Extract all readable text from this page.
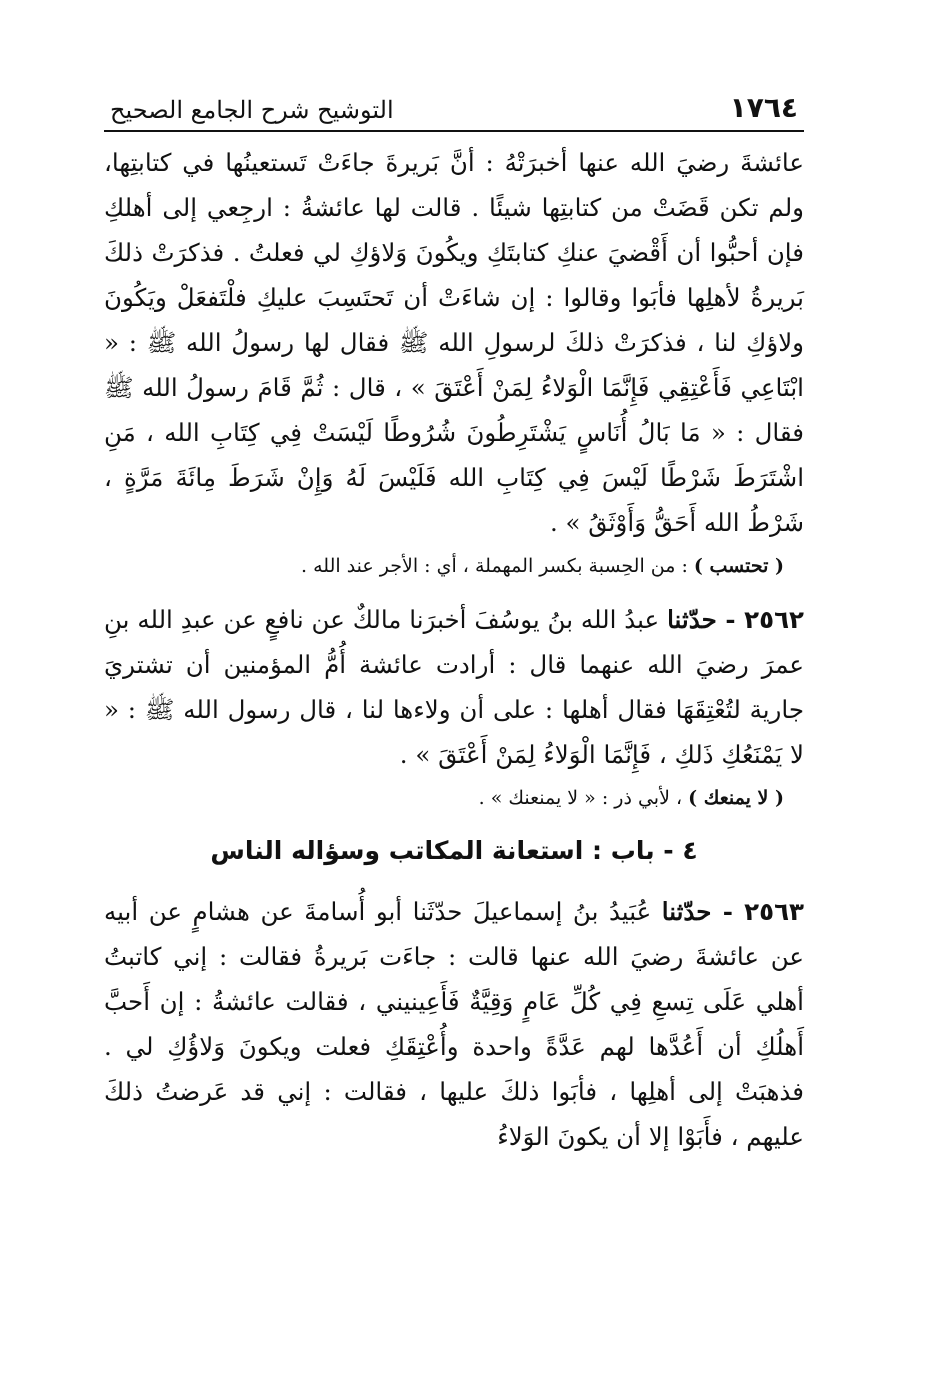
١٧٦٤
التوشيح شرح الجامع الصحيح

عائشةَ رضيَ الله عنها أخبرَتْهُ : أنَّ بَريرةَ جاءَتْ تَستعينُها في كتابتِها، ولم تكن قَضَتْ من كتابتِها شيئًا . قالت لها عائشةُ : ارجِعي إلى أهلكِ فإن أحبُّوا أن أَقْضيَ عنكِ كتابتَكِ ويكُونَ وَلاؤكِ لي فعلتُ . فذكرَتْ ذلكَ بَريرةُ لأهلِها فأبَوا وقالوا : إن شاءَتْ أن تَحتَسِبَ عليكِ فلْتَفعَلْ ويَكُونَ ولاؤكِ لنا ، فذكرَتْ ذلكَ لرسولِ الله ﷺ فقال لها رسولُ الله ﷺ : « ابْتَاعِي فَأَعْتِقِي فَإِنَّمَا الْوَلاءُ لِمَنْ أَعْتَقَ » ، قال : ثُمَّ قَامَ رسولُ الله ﷺ فقال : « مَا بَالُ أُنَاسٍ يَشْتَرِطُونَ شُرُوطًا لَيْسَتْ فِي كِتَابِ الله ، مَنِ اشْتَرَطَ شَرْطًا لَيْسَ فِي كِتَابِ الله فَلَيْسَ لَهُ وَإِنْ شَرَطَ مِائَةَ مَرَّةٍ ، شَرْطُ الله أَحَقُّ وَأَوْثَقُ » .

( تحتسب ) : من الحِسبة بكسر المهملة ، أي : الأجر عند الله .

٢٥٦٢ - حدّثنا عبدُ الله بنُ يوسُفَ أخبرَنا مالكٌ عن نافعٍ عن عبدِ الله بنِ عمرَ رضيَ الله عنهما قال : أرادت عائشة أُمُّ المؤمنين أن تشتريَ جارية لتُعْتِقَهَا فقال أهلها : على أن ولاءها لنا ، قال رسول الله ﷺ : « لا يَمْنَعُكِ ذَلكِ ، فَإِنَّمَا الْوَلاءُ لِمَنْ أَعْتَقَ » .

( لا يمنعك ) ، لأبي ذر : « لا يمنعنك » .

٤ - باب : استعانة المكاتب وسؤاله الناس

٢٥٦٣ - حدّثنا عُبَيدُ بنُ إسماعيلَ حدّثَنا أبو أُسامةَ عن هشامٍ عن أبيه عن عائشةَ رضيَ الله عنها قالت : جاءَت بَريرةُ فقالت : إني كاتبتُ أهلي عَلَى تِسعِ فِي كُلِّ عَامٍ وَقِيَّةٌ فَأَعِينيني ، فقالت عائشةُ : إن أَحبَّ أَهلُكِ أن أَعُدَّها لهم عَدَّةً واحدة وأُعْتِقَكِ فعلت ويكونَ وَلاؤُكِ لي . فذهبَتْ إلى أهلِها ، فأبَوا ذلكَ عليها ، فقالت : إني قد عَرضتُ ذلكَ عليهم ، فأَبَوْا إلا أن يكونَ الوَلاءُ
